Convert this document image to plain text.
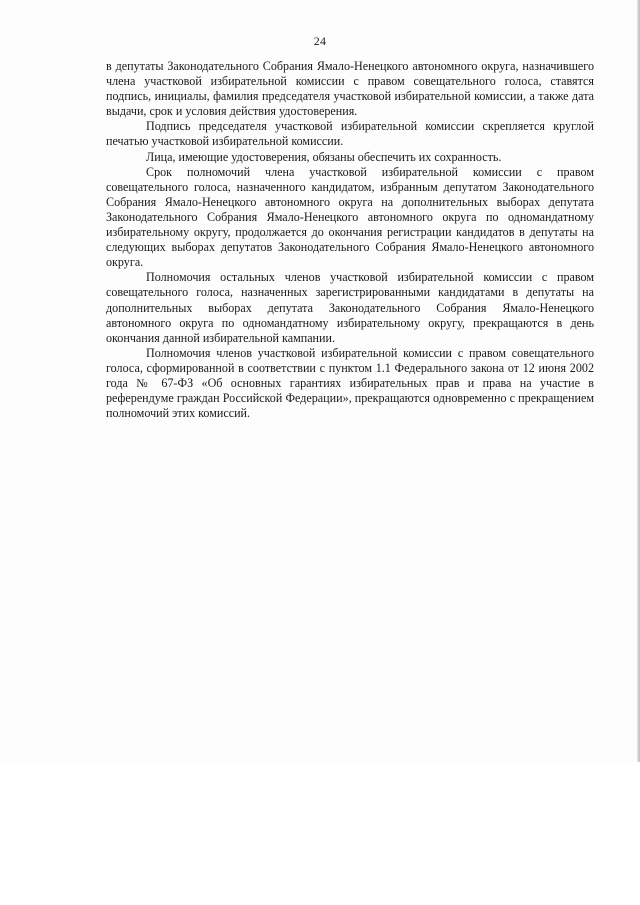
24

в депутаты Законодательного Собрания Ямало-Ненецкого автономного округа, назначившего члена участковой избирательной комиссии с правом совещательного голоса, ставятся подпись, инициалы, фамилия председателя участковой избирательной комиссии, а также дата выдачи, срок и условия действия удостоверения.

Подпись председателя участковой избирательной комиссии скрепляется круглой печатью участковой избирательной комиссии.

Лица, имеющие удостоверения, обязаны обеспечить их сохранность.

Срок полномочий члена участковой избирательной комиссии с правом совещательного голоса, назначенного кандидатом, избранным депутатом Законодательного Собрания Ямало-Ненецкого автономного округа на дополнительных выборах депутата Законодательного Собрания Ямало-Ненецкого автономного округа по одномандатному избирательному округу, продолжается до окончания регистрации кандидатов в депутаты на следующих выборах депутатов Законодательного Собрания Ямало-Ненецкого автономного округа.

Полномочия остальных членов участковой избирательной комиссии с правом совещательного голоса, назначенных зарегистрированными кандидатами в депутаты на дополнительных выборах депутата Законодательного Собрания Ямало-Ненецкого автономного округа по одномандатному избирательному округу, прекращаются в день окончания данной избирательной кампании.

Полномочия членов участковой избирательной комиссии с правом совещательного голоса, сформированной в соответствии с пунктом 1.1 Федерального закона от 12 июня 2002 года № 67-ФЗ «Об основных гарантиях избирательных прав и права на участие в референдуме граждан Российской Федерации», прекращаются одновременно с прекращением полномочий этих комиссий.
